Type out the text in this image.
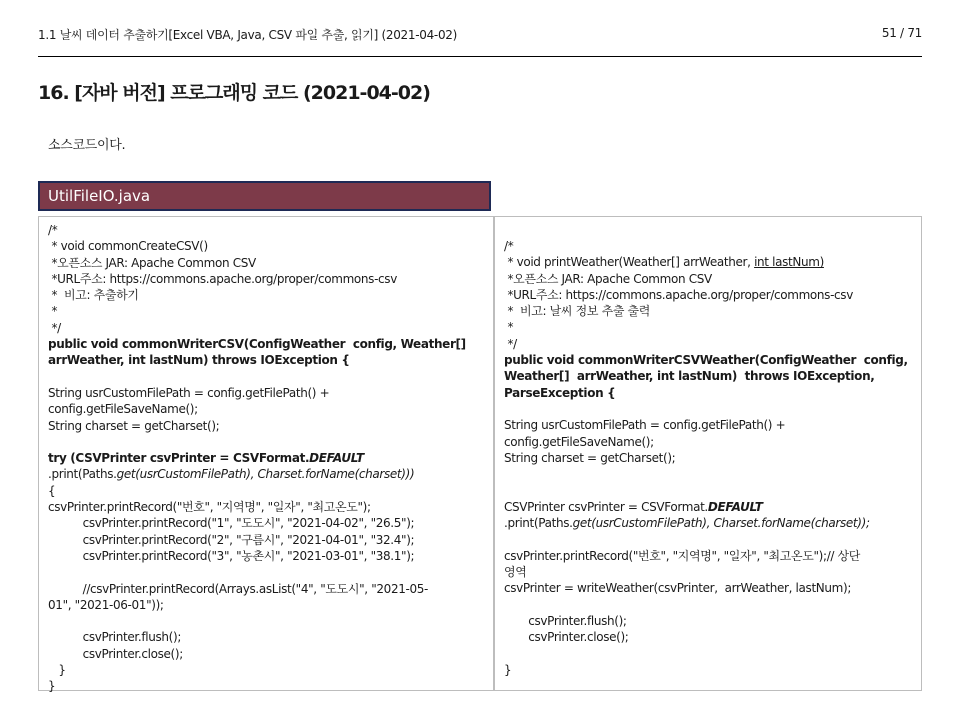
1.1 날씨 데이터 추출하기[Excel VBA, Java, CSV 파일 추출, 읽기] (2021-04-02)	51 / 71
16. [자바 버전] 프로그래밍 코드 (2021-04-02)
소스코드이다.
UtilFileIO.java
/*
* void commonCreateCSV()
*오픈소스 JAR: Apache Common CSV
*URL주소: https://commons.apache.org/proper/commons-csv
*  비고: 추출하기
*
*/
public void commonWriterCSV(ConfigWeather  config, Weather[]
arrWeather, int lastNum) throws IOException {
String usrCustomFilePath = config.getFilePath() +
config.getFileSaveName();
String charset = getCharset();
try (CSVPrinter csvPrinter = CSVFormat.DEFAULT
.print(Paths.get(usrCustomFilePath), Charset.forName(charset)))
{
csvPrinter.printRecord("번호", "지역명", "일자", "최고온도");
csvPrinter.printRecord("1", "도도시", "2021-04-02", "26.5");
csvPrinter.printRecord("2", "구름시", "2021-04-01", "32.4");
csvPrinter.printRecord("3", "농촌시", "2021-03-01", "38.1");
//csvPrinter.printRecord(Arrays.asList("4", "도도시", "2021-05-
01", "2021-06-01"));
csvPrinter.flush();
csvPrinter.close();
}
}
/*
* void printWeather(Weather[] arrWeather, int lastNum)
*오픈소스 JAR: Apache Common CSV
*URL주소: https://commons.apache.org/proper/commons-csv
*  비고: 날씨 정보 추출 출력
*
*/
public void commonWriterCSVWeather(ConfigWeather  config,
Weather[]  arrWeather, int lastNum)  throws IOException,
ParseException {
String usrCustomFilePath = config.getFilePath() +
config.getFileSaveName();
String charset = getCharset();
CSVPrinter csvPrinter = CSVFormat.DEFAULT
.print(Paths.get(usrCustomFilePath), Charset.forName(charset));
csvPrinter.printRecord("번호", "지역명", "일자", "최고온도");// 상단
영역
csvPrinter = writeWeather(csvPrinter,  arrWeather, lastNum);
csvPrinter.flush();
csvPrinter.close();
}
